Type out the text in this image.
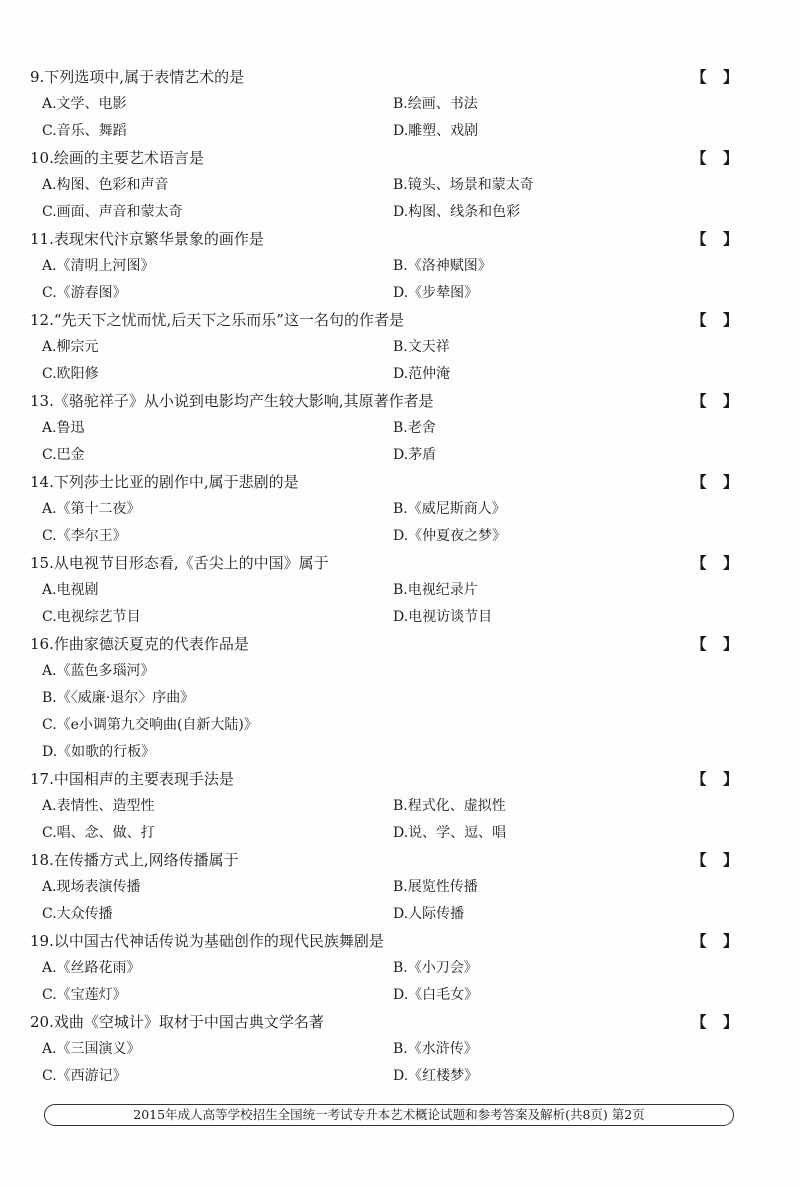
9.下列选项中,属于表情艺术的是	【  】
A.文学、电影	B.绘画、书法
C.音乐、舞蹈	D.雕塑、戏剧
10.绘画的主要艺术语言是	【  】
A.构图、色彩和声音	B.镜头、场景和蒙太奇
C.画面、声音和蒙太奇	D.构图、线条和色彩
11.表现宋代汴京繁华景象的画作是	【  】
A.《清明上河图》	B.《洛神赋图》
C.《游春图》	D.《步辇图》
12.“先天下之忧而忧,后天下之乐而乐”这一名句的作者是	【  】
A.柳宗元	B.文天祥
C.欧阳修	D.范仲淹
13.《骆驼祥子》从小说到电影均产生较大影响,其原著作者是	【  】
A.鲁迅	B.老舍
C.巴金	D.茅盾
14.下列莎士比亚的剧作中,属于悲剧的是	【  】
A.《第十二夜》	B.《威尼斯商人》
C.《李尔王》	D.《仲夏夜之梦》
15.从电视节目形态看,《舌尖上的中国》属于	【  】
A.电视剧	B.电视纪录片
C.电视综艺节目	D.电视访谈节目
16.作曲家德沃夏克的代表作品是	【  】
A.《蓝色多瑙河》
B.《〈威廉·退尔〉序曲》
C.《e小调第九交响曲(自新大陆)》
D.《如歌的行板》
17.中国相声的主要表现手法是	【  】
A.表情性、造型性	B.程式化、虚拟性
C.唱、念、做、打	D.说、学、逗、唱
18.在传播方式上,网络传播属于	【  】
A.现场表演传播	B.展览性传播
C.大众传播	D.人际传播
19.以中国古代神话传说为基础创作的现代民族舞剧是	【  】
A.《丝路花雨》	B.《小刀会》
C.《宝莲灯》	D.《白毛女》
20.戏曲《空城计》取材于中国古典文学名著	【  】
A.《三国演义》	B.《水浒传》
C.《西游记》	D.《红楼梦》
2015年成人高等学校招生全国统一考试专升本艺术概论试题和参考答案及解析(共8页) 第2页
